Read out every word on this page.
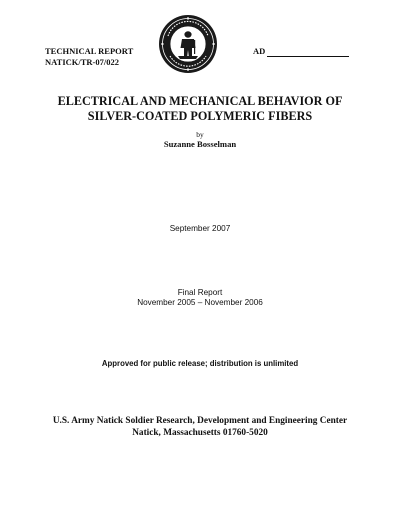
TECHNICAL REPORT
NATICK/TR-07/022
AD
ELECTRICAL AND MECHANICAL BEHAVIOR OF
SILVER-COATED POLYMERIC FIBERS
by
Suzanne Bosselman
September 2007
Final Report
November 2005 – November 2006
Approved for public release; distribution is unlimited
U.S. Army Natick Soldier Research, Development and Engineering Center
Natick, Massachusetts 01760-5020
